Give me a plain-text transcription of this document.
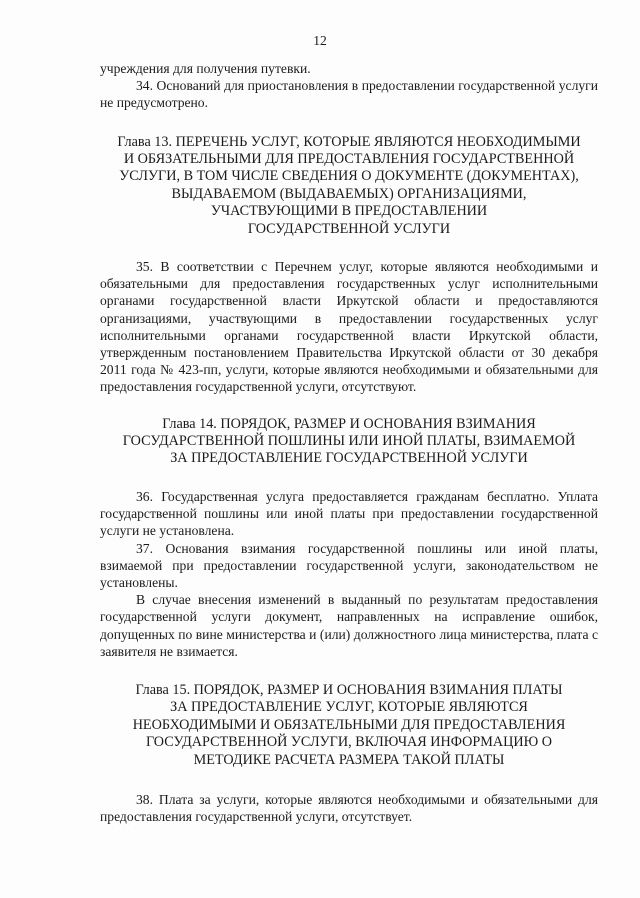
12

учреждения для получения путевки.

34. Оснований для приостановления в предоставлении государственной услуги не предусмотрено.

Глава 13. ПЕРЕЧЕНЬ УСЛУГ, КОТОРЫЕ ЯВЛЯЮТСЯ НЕОБХОДИМЫМИ
И ОБЯЗАТЕЛЬНЫМИ ДЛЯ ПРЕДОСТАВЛЕНИЯ ГОСУДАРСТВЕННОЙ
УСЛУГИ, В ТОМ ЧИСЛЕ СВЕДЕНИЯ О ДОКУМЕНТЕ (ДОКУМЕНТАХ),
ВЫДАВАЕМОМ (ВЫДАВАЕМЫХ) ОРГАНИЗАЦИЯМИ,
УЧАСТВУЮЩИМИ В ПРЕДОСТАВЛЕНИИ
ГОСУДАРСТВЕННОЙ УСЛУГИ

35. В соответствии с Перечнем услуг, которые являются необходимыми и обязательными для предоставления государственных услуг исполнительными органами государственной власти Иркутской области и предоставляются организациями, участвующими в предоставлении государственных услуг исполнительными органами государственной власти Иркутской области, утвержденным постановлением Правительства Иркутской области от 30 декабря 2011 года № 423-пп, услуги, которые являются необходимыми и обязательными для предоставления государственной услуги, отсутствуют.

Глава 14. ПОРЯДОК, РАЗМЕР И ОСНОВАНИЯ ВЗИМАНИЯ
ГОСУДАРСТВЕННОЙ ПОШЛИНЫ ИЛИ ИНОЙ ПЛАТЫ, ВЗИМАЕМОЙ
ЗА ПРЕДОСТАВЛЕНИЕ ГОСУДАРСТВЕННОЙ УСЛУГИ

36. Государственная услуга предоставляется гражданам бесплатно. Уплата государственной пошлины или иной платы при предоставлении государственной услуги не установлена.

37. Основания взимания государственной пошлины или иной платы, взимаемой при предоставлении государственной услуги, законодательством не установлены.

В случае внесения изменений в выданный по результатам предоставления государственной услуги документ, направленных на исправление ошибок, допущенных по вине министерства и (или) должностного лица министерства, плата с заявителя не взимается.

Глава 15. ПОРЯДОК, РАЗМЕР И ОСНОВАНИЯ ВЗИМАНИЯ ПЛАТЫ
ЗА ПРЕДОСТАВЛЕНИЕ УСЛУГ, КОТОРЫЕ ЯВЛЯЮТСЯ
НЕОБХОДИМЫМИ И ОБЯЗАТЕЛЬНЫМИ ДЛЯ ПРЕДОСТАВЛЕНИЯ
ГОСУДАРСТВЕННОЙ УСЛУГИ, ВКЛЮЧАЯ ИНФОРМАЦИЮ О
МЕТОДИКЕ РАСЧЕТА РАЗМЕРА ТАКОЙ ПЛАТЫ

38. Плата за услуги, которые являются необходимыми и обязательными для предоставления государственной услуги, отсутствует.

· · · · ·
